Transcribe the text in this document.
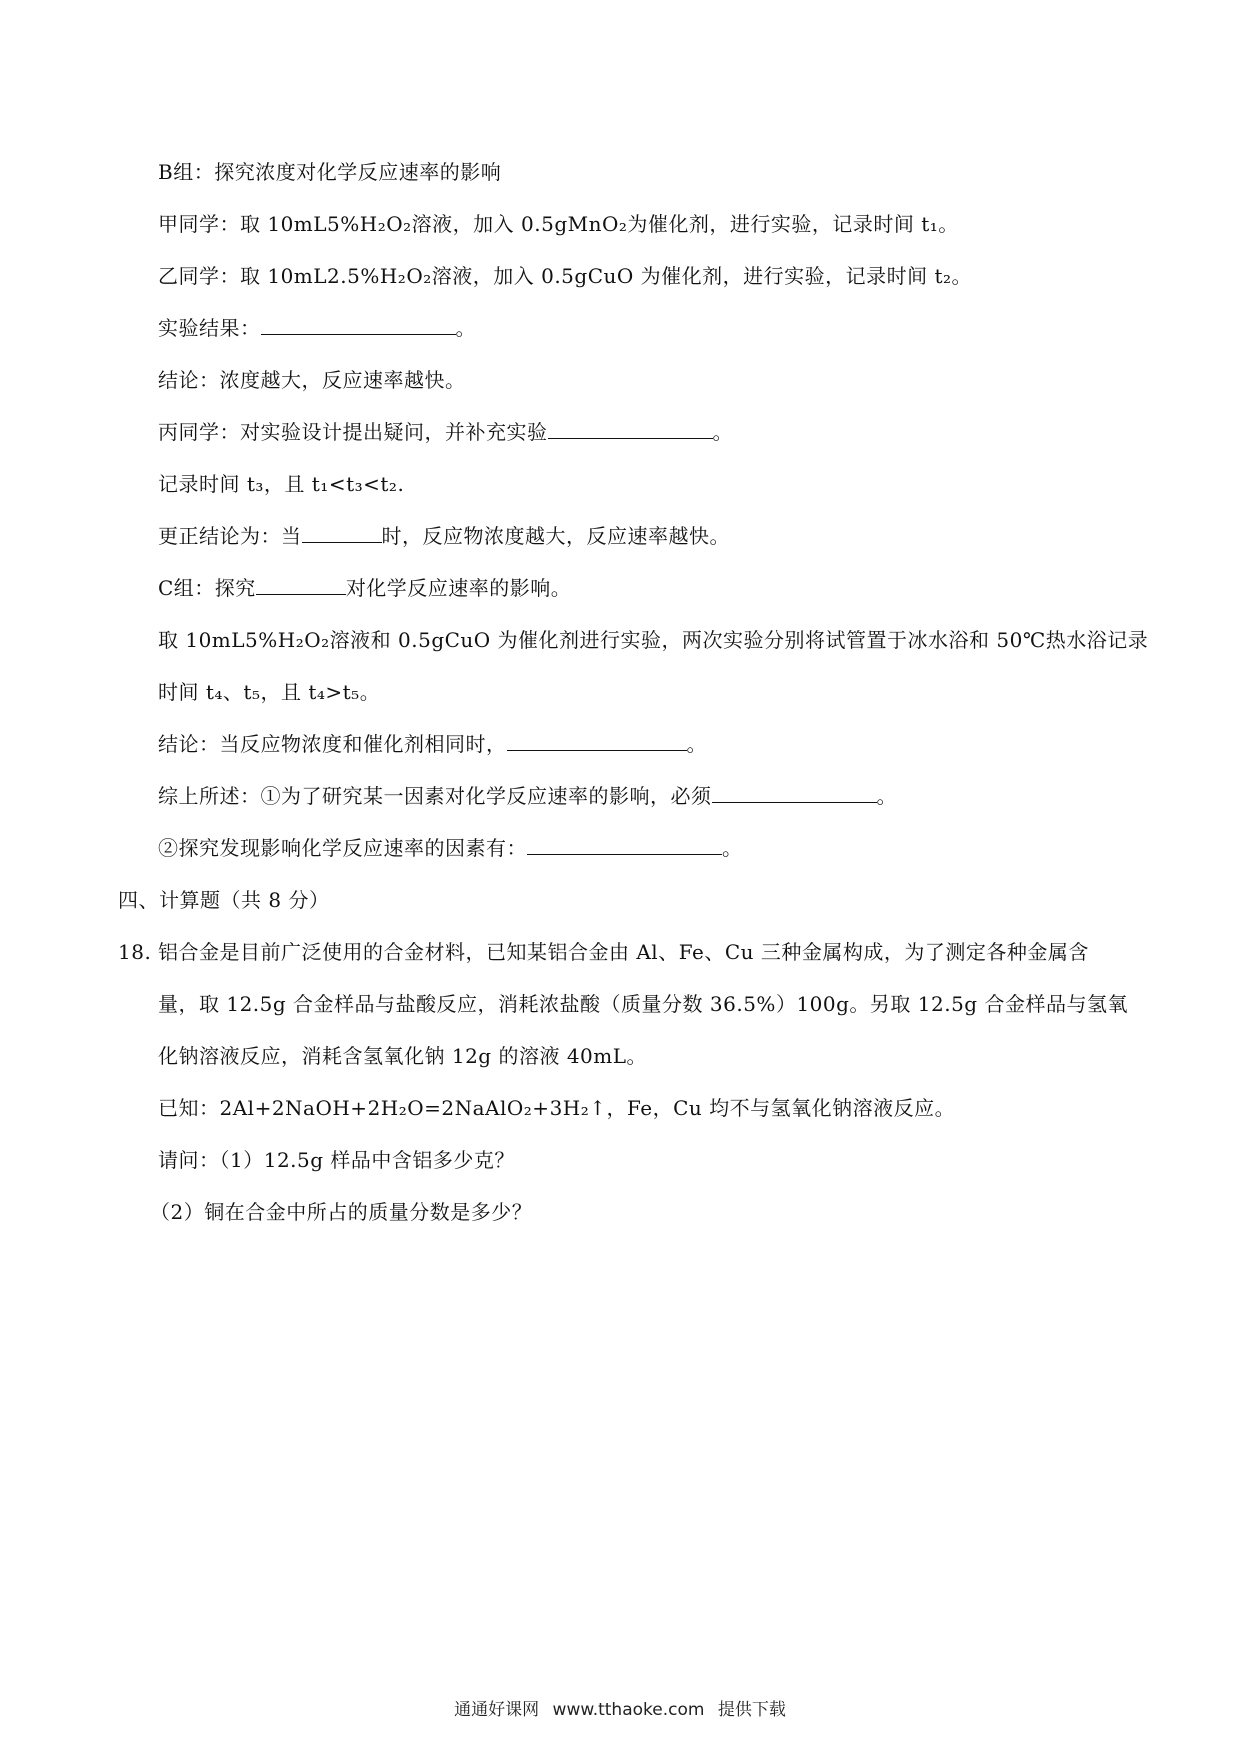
B组：探究浓度对化学反应速率的影响
甲同学：取 10mL5%H₂O₂溶液，加入 0.5gMnO₂为催化剂，进行实验，记录时间 t₁。
乙同学：取 10mL2.5%H₂O₂溶液，加入 0.5gCuO 为催化剂，进行实验，记录时间 t₂。
实验结果：	。
结论：浓度越大，反应速率越快。
丙同学：对实验设计提出疑问，并补充实验	。
记录时间 t₃，且 t₁<t₃<t₂.
更正结论为：当	时，反应物浓度越大，反应速率越快。
C组：探究	对化学反应速率的影响。
取 10mL5%H₂O₂溶液和 0.5gCuO 为催化剂进行实验，两次实验分别将试管置于冰水浴和 50℃热水浴记录
时间 t₄、t₅，且 t₄>t₅。
结论：当反应物浓度和催化剂相同时，	。
综上所述：①为了研究某一因素对化学反应速率的影响，必须	。
②探究发现影响化学反应速率的因素有：	。
四、计算题（共 8 分）
18. 铝合金是目前广泛使用的合金材料，已知某铝合金由 Al、Fe、Cu 三种金属构成，为了测定各种金属含
量，取 12.5g 合金样品与盐酸反应，消耗浓盐酸（质量分数 36.5%）100g。另取 12.5g 合金样品与氢氧
化钠溶液反应，消耗含氢氧化钠 12g 的溶液 40mL。
已知：2Al+2NaOH+2H₂O=2NaAlO₂+3H₂↑，Fe，Cu 均不与氢氧化钠溶液反应。
请问：（1）12.5g 样品中含铝多少克？
（2）铜在合金中所占的质量分数是多少？
通通好课网 www.tthaoke.com 提供下载
